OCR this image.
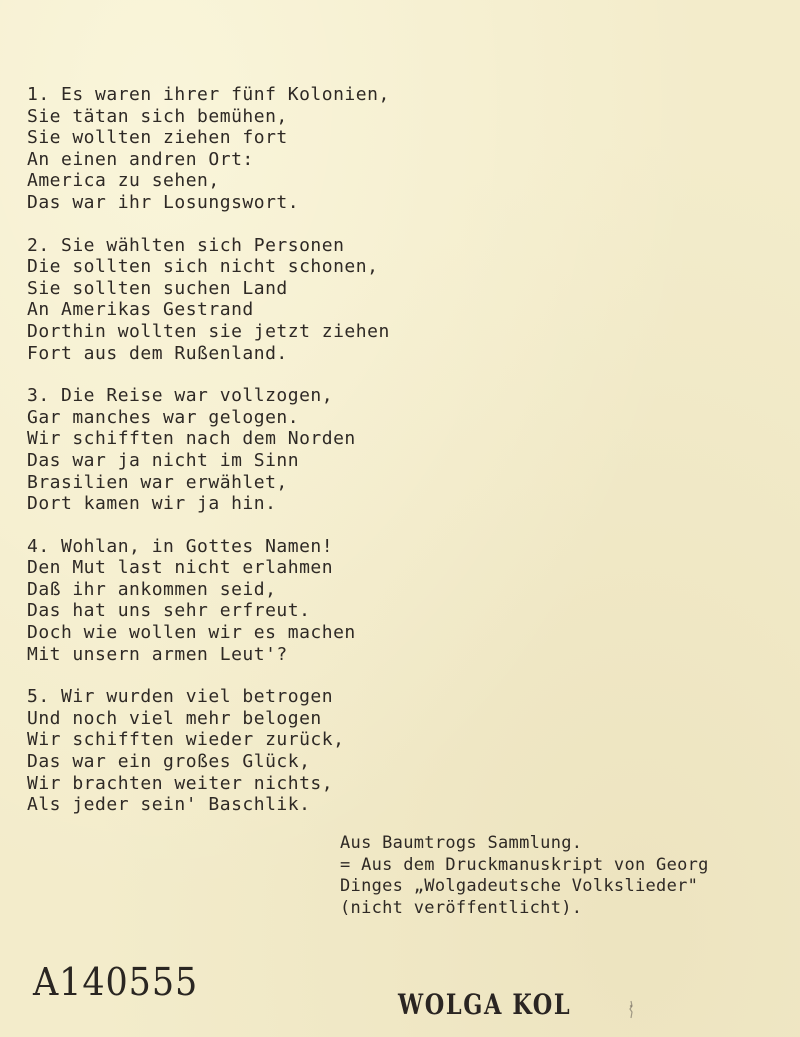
1. Es waren ihrer fünf Kolonien,
Sie tätan sich bemühen,
Sie wollten ziehen fort
An einen andren Ort:
America zu sehen,
Das war ihr Losungswort.
2. Sie wählten sich Personen
Die sollten sich nicht schonen,
Sie sollten suchen Land
An Amerikas Gestrand
Dorthin wollten sie jetzt ziehen
Fort aus dem Rußenland.
3. Die Reise war vollzogen,
Gar manches war gelogen.
Wir schifften nach dem Norden
Das war ja nicht im Sinn
Brasilien war erwählet,
Dort kamen wir ja hin.
4. Wohlan, in Gottes Namen!
Den Mut last nicht erlahmen
Daß ihr ankommen seid,
Das hat uns sehr erfreut.
Doch wie wollen wir es machen
Mit unsern armen Leut'?
5. Wir wurden viel betrogen
Und noch viel mehr belogen
Wir schifften wieder zurück,
Das war ein großes Glück,
Wir brachten weiter nichts,
Als jeder sein' Baschlik.
Aus Baumtrogs Sammlung.
= Aus dem Druckmanuskript von Georg
Dinges „Wolgadeutsche Volkslieder"
(nicht veröffentlicht).
A140555
WOLGA KOL
